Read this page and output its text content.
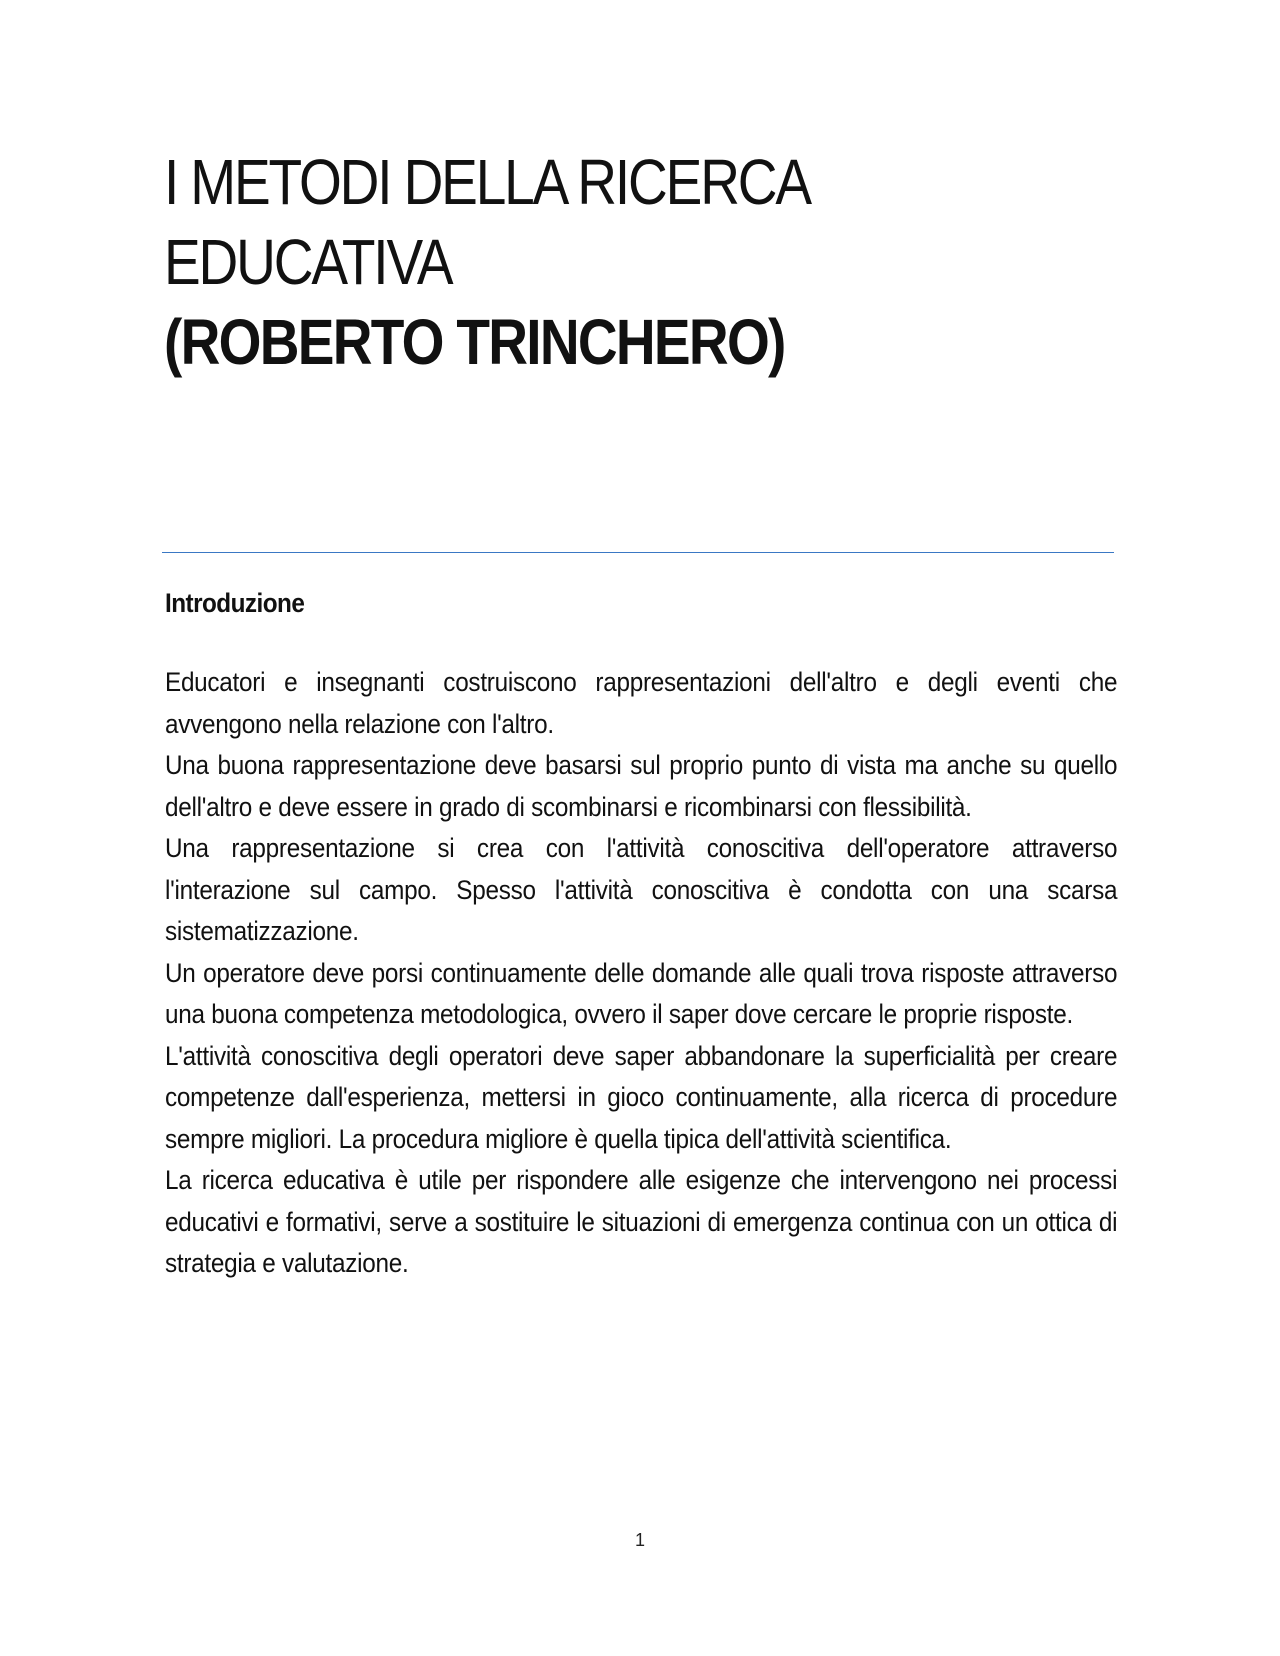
I METODI DELLA RICERCA
EDUCATIVA
(ROBERTO TRINCHERO)
Introduzione

Educatori e insegnanti costruiscono rappresentazioni dell'altro e degli eventi che avvengono nella relazione con l'altro.

Una buona rappresentazione deve basarsi sul proprio punto di vista ma anche su quello dell'altro e deve essere in grado di scombinarsi e ricombinarsi con flessibilità.

Una rappresentazione si crea con l'attività conoscitiva dell'operatore attraverso l'interazione sul campo. Spesso l'attività conoscitiva è condotta con una scarsa sistematizzazione.

Un operatore deve porsi continuamente delle domande alle quali trova risposte attraverso una buona competenza metodologica, ovvero il saper dove cercare le proprie risposte.

L'attività conoscitiva degli operatori deve saper abbandonare la superficialità per creare competenze dall'esperienza, mettersi in gioco continuamente, alla ricerca di procedure sempre migliori. La procedura migliore è quella tipica dell'attività scientifica.

La ricerca educativa è utile per rispondere alle esigenze che intervengono nei processi educativi e formativi, serve a sostituire le situazioni di emergenza continua con un ottica di strategia e valutazione.

1
